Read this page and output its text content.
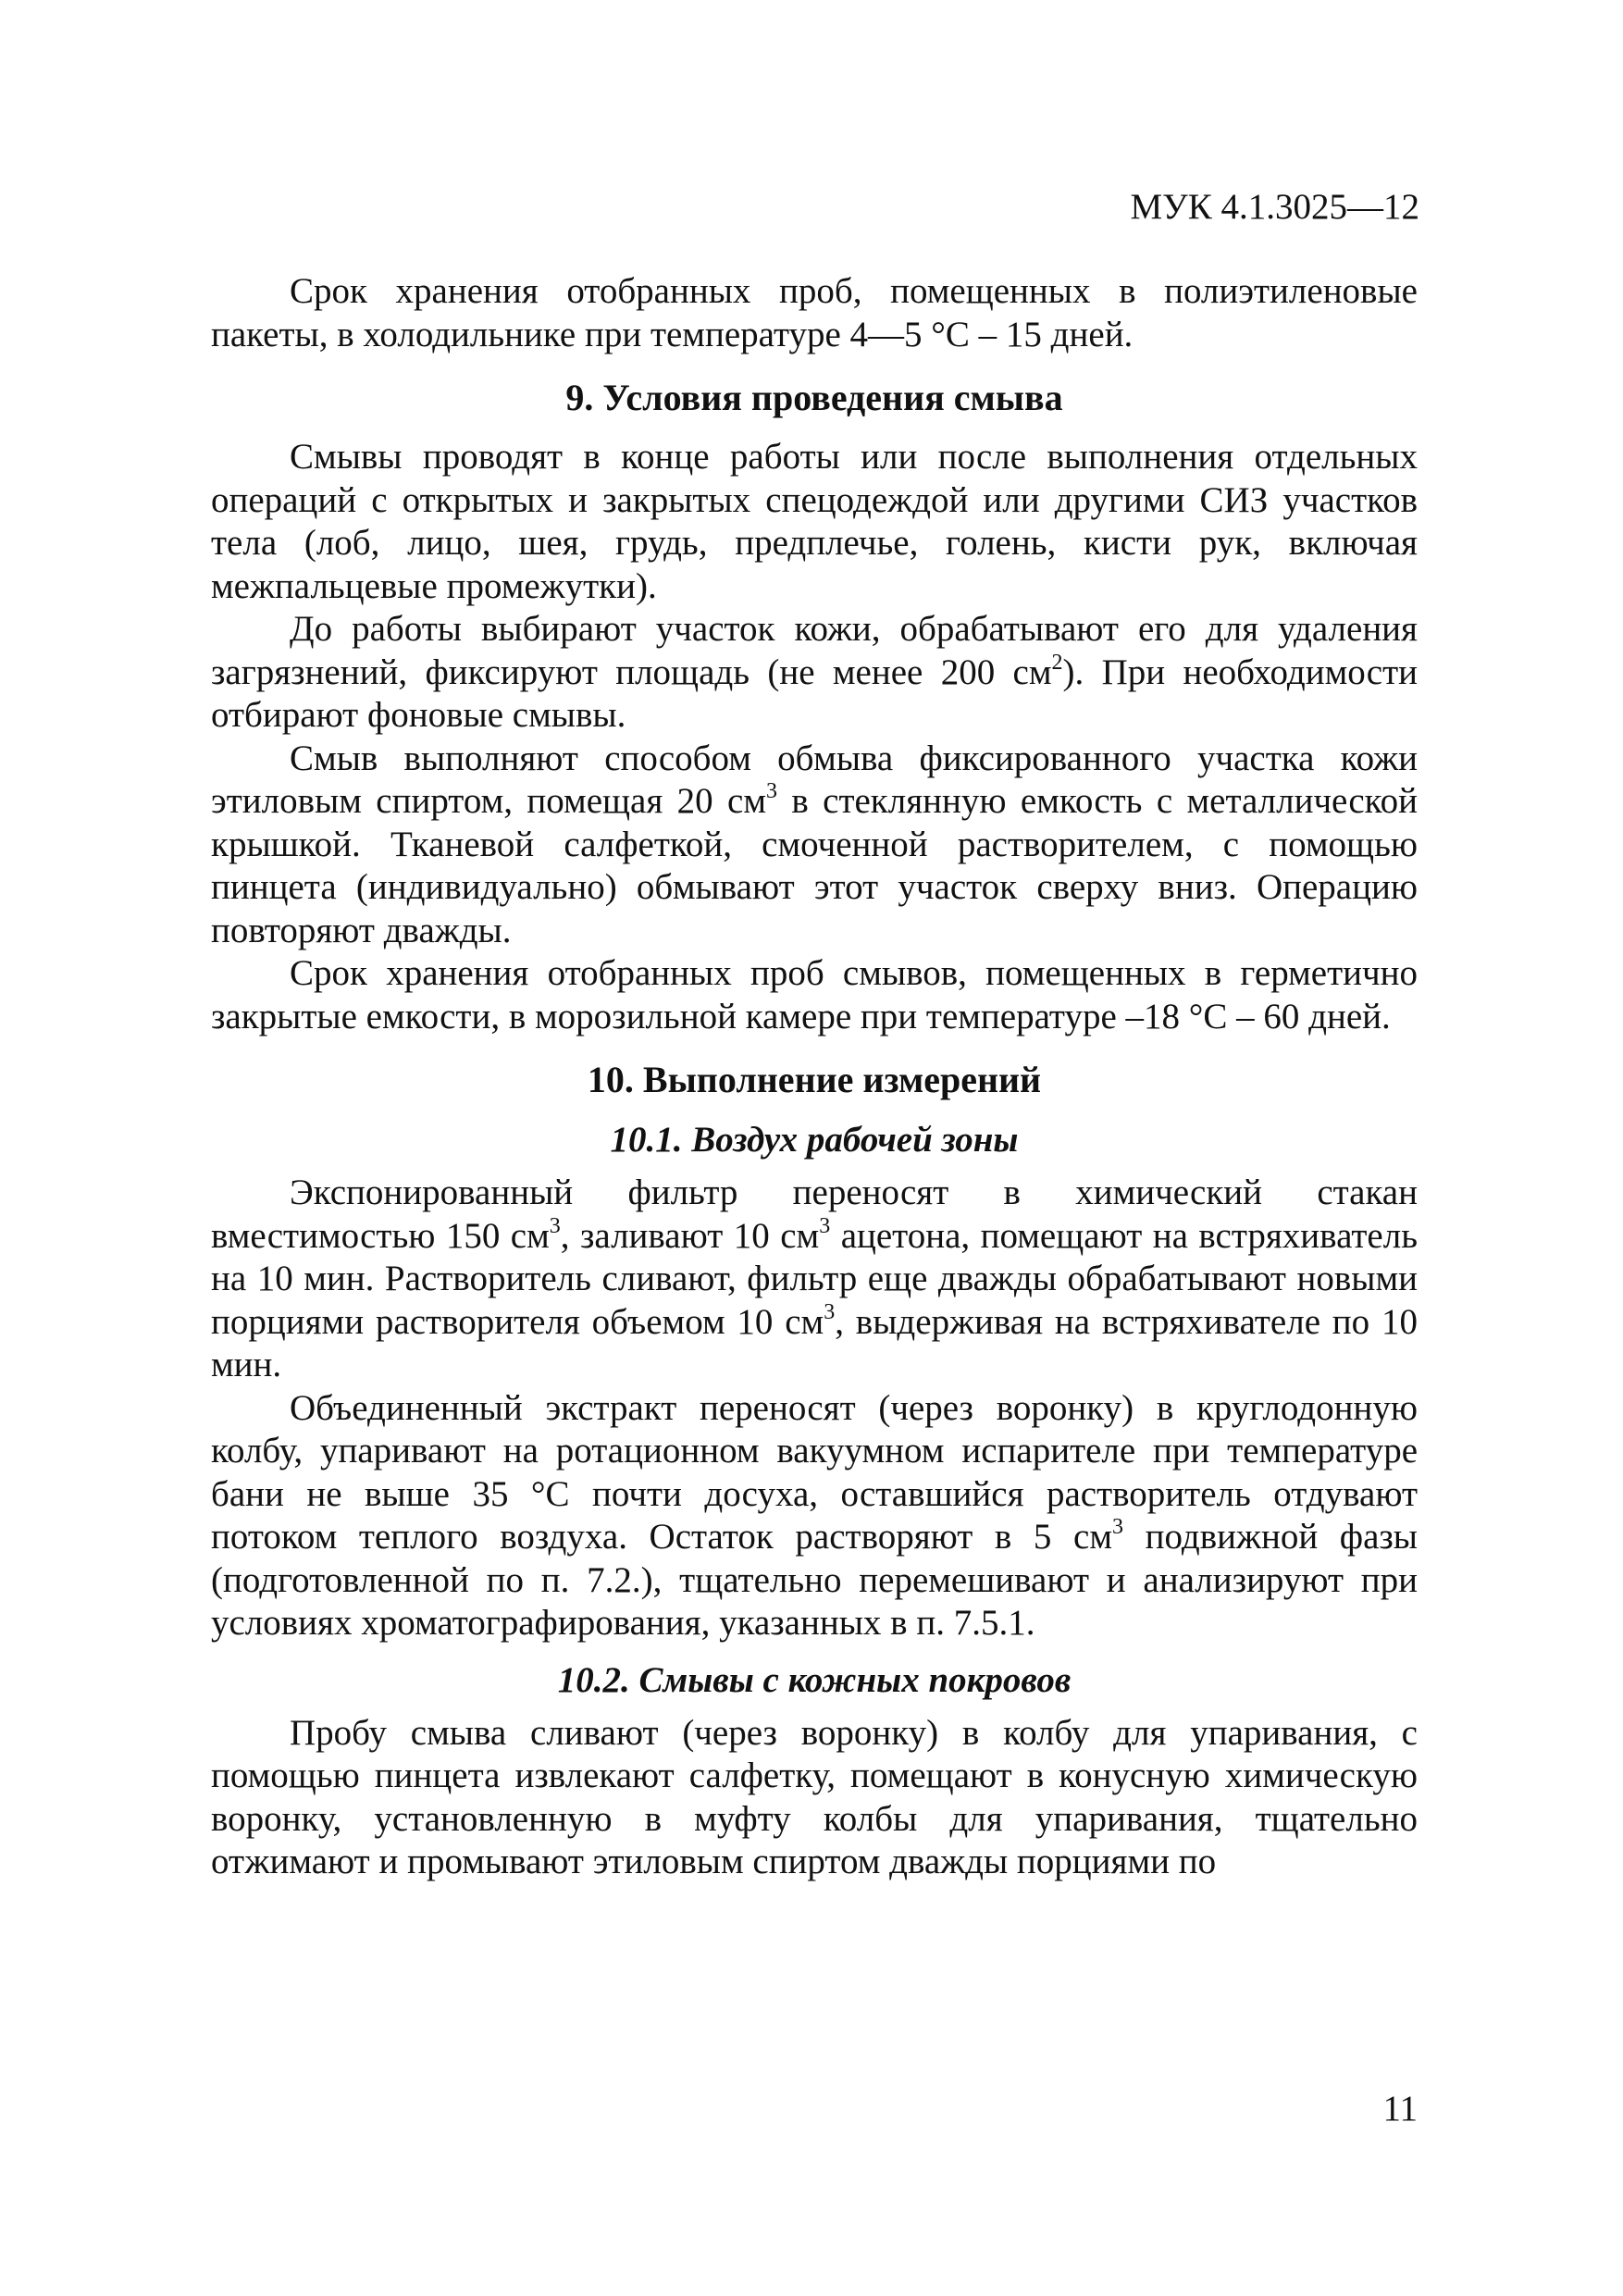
МУК 4.1.3025—12

Срок хранения отобранных проб, помещенных в полиэтиленовые пакеты, в холодильнике при температуре 4—5 °С – 15 дней.

9. Условия проведения смыва

Смывы проводят в конце работы или после выполнения отдельных операций с открытых и закрытых спецодеждой или другими СИЗ участков тела (лоб, лицо, шея, грудь, предплечье, голень, кисти рук, включая межпальцевые промежутки).

До работы выбирают участок кожи, обрабатывают его для удаления загрязнений, фиксируют площадь (не менее 200 $см^2$). При необходимости отбирают фоновые смывы.

Смыв выполняют способом обмыва фиксированного участка кожи этиловым спиртом, помещая 20 $см^3$ в стеклянную емкость с металлической крышкой. Тканевой салфеткой, смоченной растворителем, с помощью пинцета (индивидуально) обмывают этот участок сверху вниз. Операцию повторяют дважды.

Срок хранения отобранных проб смывов, помещенных в герметично закрытые емкости, в морозильной камере при температуре –18 °С – 60 дней.

10. Выполнение измерений
10.1. Воздух рабочей зоны

Экспонированный фильтр переносят в химический стакан вместимостью 150 $см^3$, заливают 10 $см^3$ ацетона, помещают на встряхиватель на 10 мин. Растворитель сливают, фильтр еще дважды обрабатывают новыми порциями растворителя объемом 10 $см^3$, выдерживая на встряхивателе по 10 мин.

Объединенный экстракт переносят (через воронку) в круглодонную колбу, упаривают на ротационном вакуумном испарителе при температуре бани не выше 35 °С почти досуха, оставшийся растворитель отдувают потоком теплого воздуха. Остаток растворяют в 5 $см^3$ подвижной фазы (подготовленной по п. 7.2.), тщательно перемешивают и анализируют при условиях хроматографирования, указанных в п. 7.5.1.

10.2. Смывы с кожных покровов

Пробу смыва сливают (через воронку) в колбу для упаривания, с помощью пинцета извлекают салфетку, помещают в конусную химическую воронку, установленную в муфту колбы для упаривания, тщательно отжимают и промывают этиловым спиртом дважды порциями по

11
